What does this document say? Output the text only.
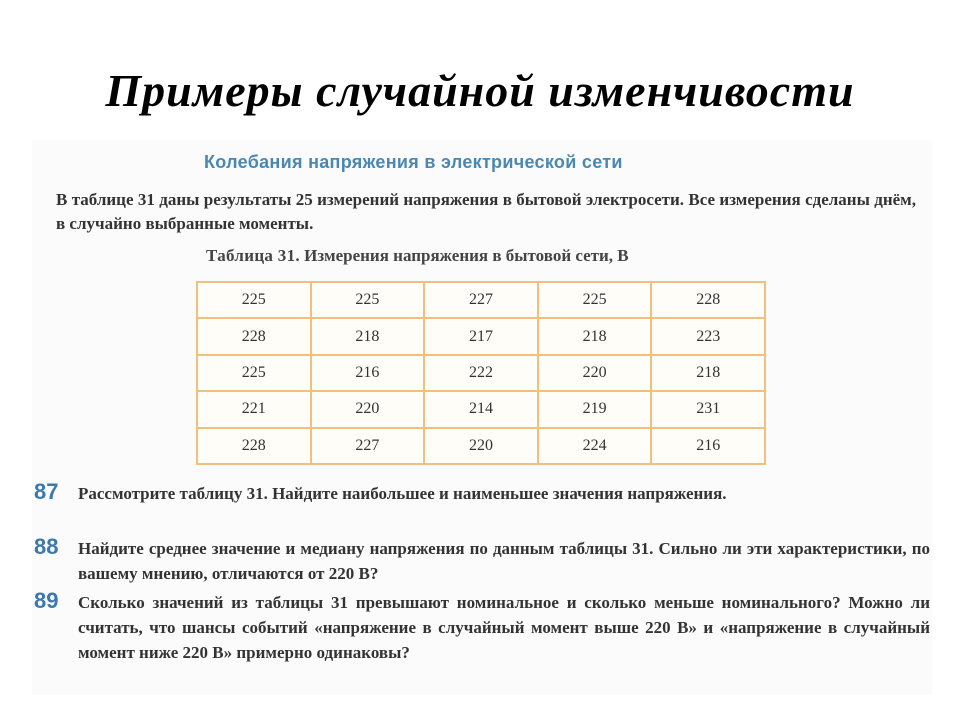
Примеры случайной изменчивости
Колебания напряжения в электрической сети

В таблице 31 даны результаты 25 измерений напряжения в бытовой электросети. Все измерения сделаны днём, в случайно выбранные моменты.

Таблица 31. Измерения напряжения в бытовой сети, В

225	225	227	225	228
228	218	217	218	223
225	216	222	220	218
221	220	214	219	231
228	227	220	224	216
87 Рассмотрите таблицу 31. Найдите наибольшее и наименьшее значения напряжения.

88 Найдите среднее значение и медиану напряжения по данным таблицы 31. Сильно ли эти характеристики, по вашему мнению, отличаются от 220 В?

89 Сколько значений из таблицы 31 превышают номинальное и сколько меньше номинального? Можно ли считать, что шансы событий «напряжение в случайный момент выше 220 В» и «напряжение в случайный момент ниже 220 В» примерно одинаковы?
